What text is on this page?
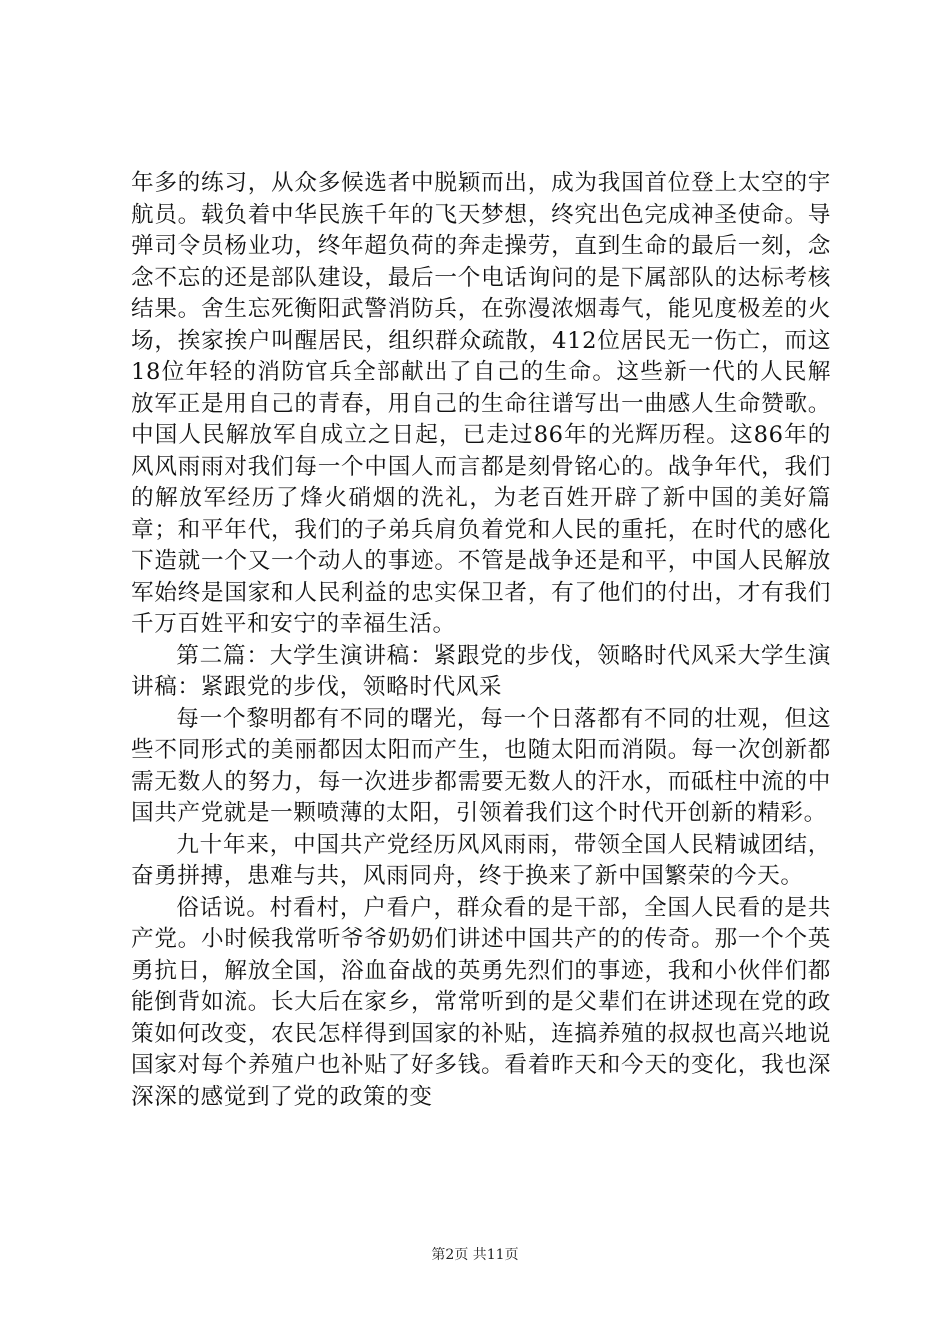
年多的练习，从众多候选者中脱颖而出，成为我国首位登上太空的宇航员。载负着中华民族千年的飞天梦想，终究出色完成神圣使命。导弹司令员杨业功，终年超负荷的奔走操劳，直到生命的最后一刻，念念不忘的还是部队建设，最后一个电话询问的是下属部队的达标考核结果。舍生忘死衡阳武警消防兵，在弥漫浓烟毒气，能见度极差的火场，挨家挨户叫醒居民，组织群众疏散，412位居民无一伤亡，而这18位年轻的消防官兵全部献出了自己的生命。这些新一代的人民解放军正是用自己的青春，用自己的生命往谱写出一曲感人生命赞歌。中国人民解放军自成立之日起，已走过86年的光辉历程。这86年的风风雨雨对我们每一个中国人而言都是刻骨铭心的。战争年代，我们的解放军经历了烽火硝烟的洗礼，为老百姓开辟了新中国的美好篇章；和平年代，我们的子弟兵肩负着党和人民的重托，在时代的感化下造就一个又一个动人的事迹。不管是战争还是和平，中国人民解放军始终是国家和人民利益的忠实保卫者，有了他们的付出，才有我们千万百姓平和安宁的幸福生活。

第二篇：大学生演讲稿：紧跟党的步伐，领略时代风采大学生演讲稿：紧跟党的步伐，领略时代风采

每一个黎明都有不同的曙光，每一个日落都有不同的壮观，但这些不同形式的美丽都因太阳而产生，也随太阳而消陨。每一次创新都需无数人的努力，每一次进步都需要无数人的汗水，而砥柱中流的中国共产党就是一颗喷薄的太阳，引领着我们这个时代开创新的精彩。

九十年来，中国共产党经历风风雨雨，带领全国人民精诚团结，奋勇拼搏，患难与共，风雨同舟，终于换来了新中国繁荣的今天。

俗话说。村看村，户看户，群众看的是干部，全国人民看的是共产党。小时候我常听爷爷奶奶们讲述中国共产的的传奇。那一个个英勇抗日，解放全国，浴血奋战的英勇先烈们的事迹，我和小伙伴们都能倒背如流。长大后在家乡，常常听到的是父辈们在讲述现在党的政策如何改变，农民怎样得到国家的补贴，连搞养殖的叔叔也高兴地说国家对每个养殖户也补贴了好多钱。看着昨天和今天的变化，我也深深深的感觉到了党的政策的变

第2页 共11页
